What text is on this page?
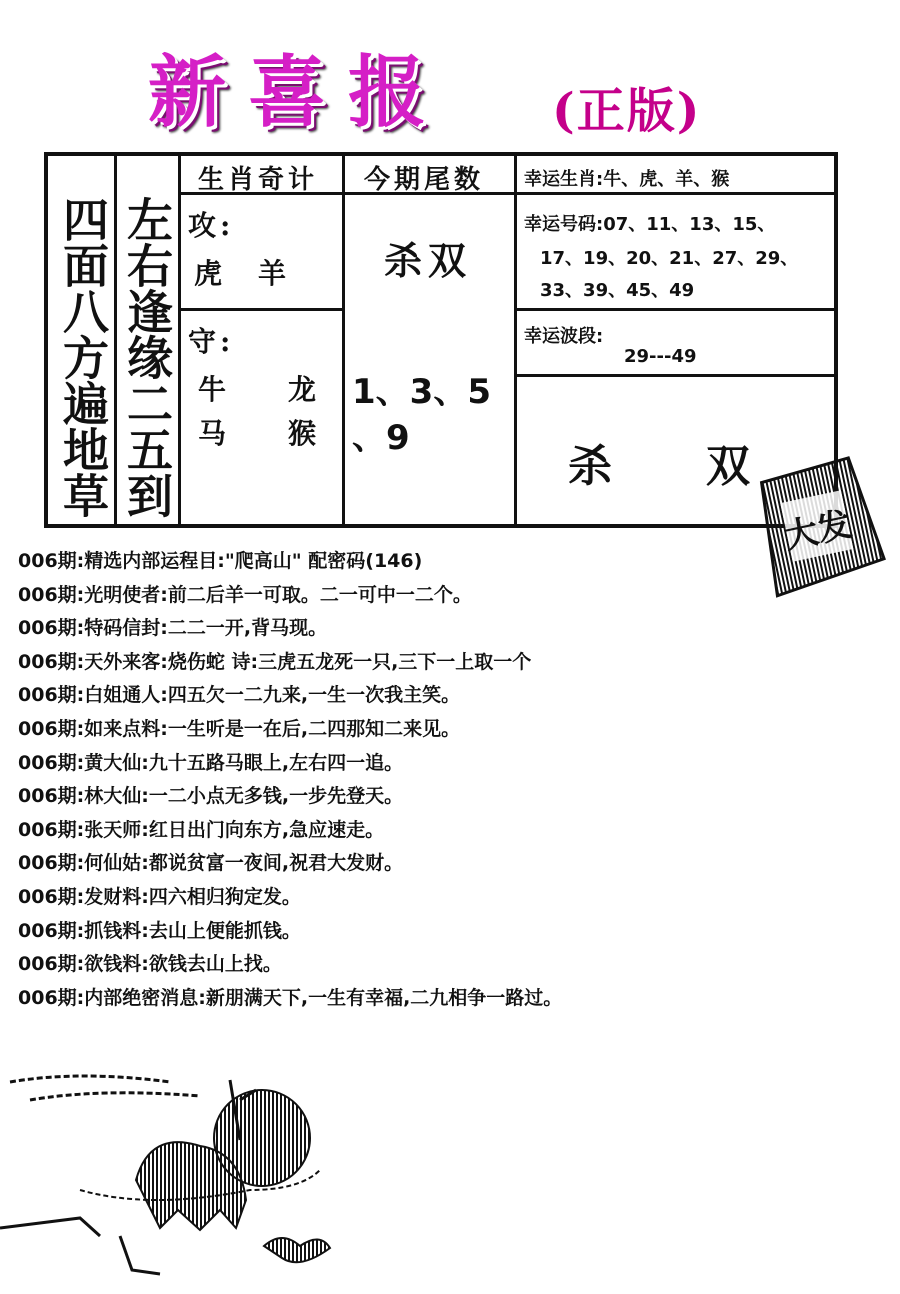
新喜报 (正版)
四面八方遍地草 左右逢缘二五到
生肖奇计 今期尾数 幸运生肖:牛、虎、羊、猴
攻:
虎 羊 杀双
幸运号码:07、11、13、15、
17、19、20、21、27、29、
33、39、45、49
守:
牛 龙
马 猴
1、3、5
、9
幸运波段:
29---49
杀 双
大发
006期:精选内部运程目:"爬高山" 配密码(146)
006期:光明使者:前二后羊一可取。二一可中一二个。
006期:特码信封:二二一开,背马现。
006期:天外来客:烧伤蛇 诗:三虎五龙死一只,三下一上取一个
006期:白姐通人:四五欠一二九来,一生一次我主笑。
006期:如来点料:一生听是一在后,二四那知二来见。
006期:黄大仙:九十五路马眼上,左右四一追。
006期:林大仙:一二小点无多钱,一步先登天。
006期:张天师:红日出门向东方,急应速走。
006期:何仙姑:都说贫富一夜间,祝君大发财。
006期:发财料:四六相归狗定发。
006期:抓钱料:去山上便能抓钱。
006期:欲钱料:欲钱去山上找。
006期:内部绝密消息:新朋满天下,一生有幸福,二九相争一路过。
